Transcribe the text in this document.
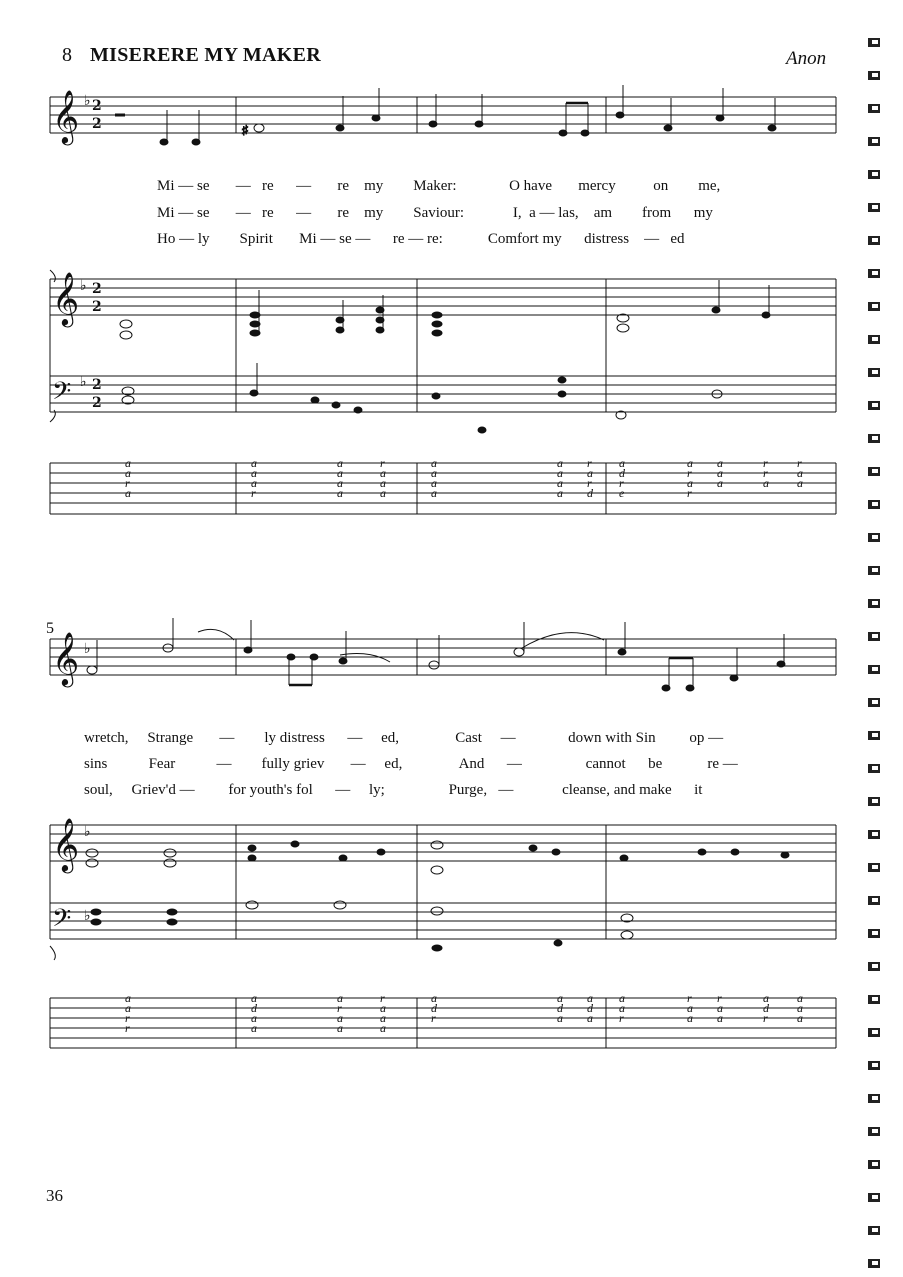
8 MISERERE MY MAKER	Anon
36
5
𝄞
𝄞
𝄢
𝄞
𝄞
𝄢
♭
♭
♭
♭
♭
♭
2
2
2
2
2
2
♯
Mi — se — re — re my Maker:	O have mercy	on me,
Mi — se — re — re my Saviour:	I, a — las, am from my
Ho — ly Spirit Mi — se — re — re:	Comfort my distress — ed
wretch, Strange — ly distress — ed,	Cast —	down with Sin op —
sins	Fear	— fully griev — ed,	And —	cannot be	re —
soul, Griev'd — for youth's fol — ly;	Purge, —	cleanse, and make it
a	a	a	r	a	a r a	a a	r r
a	a	a	a	a	a a d	r a	r a
r	a	a	a	a	a r r	a a	a a
a	r	a	a	a	a d e	r
a	a	a	r	a	a a a	r r	a a
a	d	r	a	d	d d a	a a	d a
r	a	a	a	r	a a r	a a	r a
r	a	a	a
